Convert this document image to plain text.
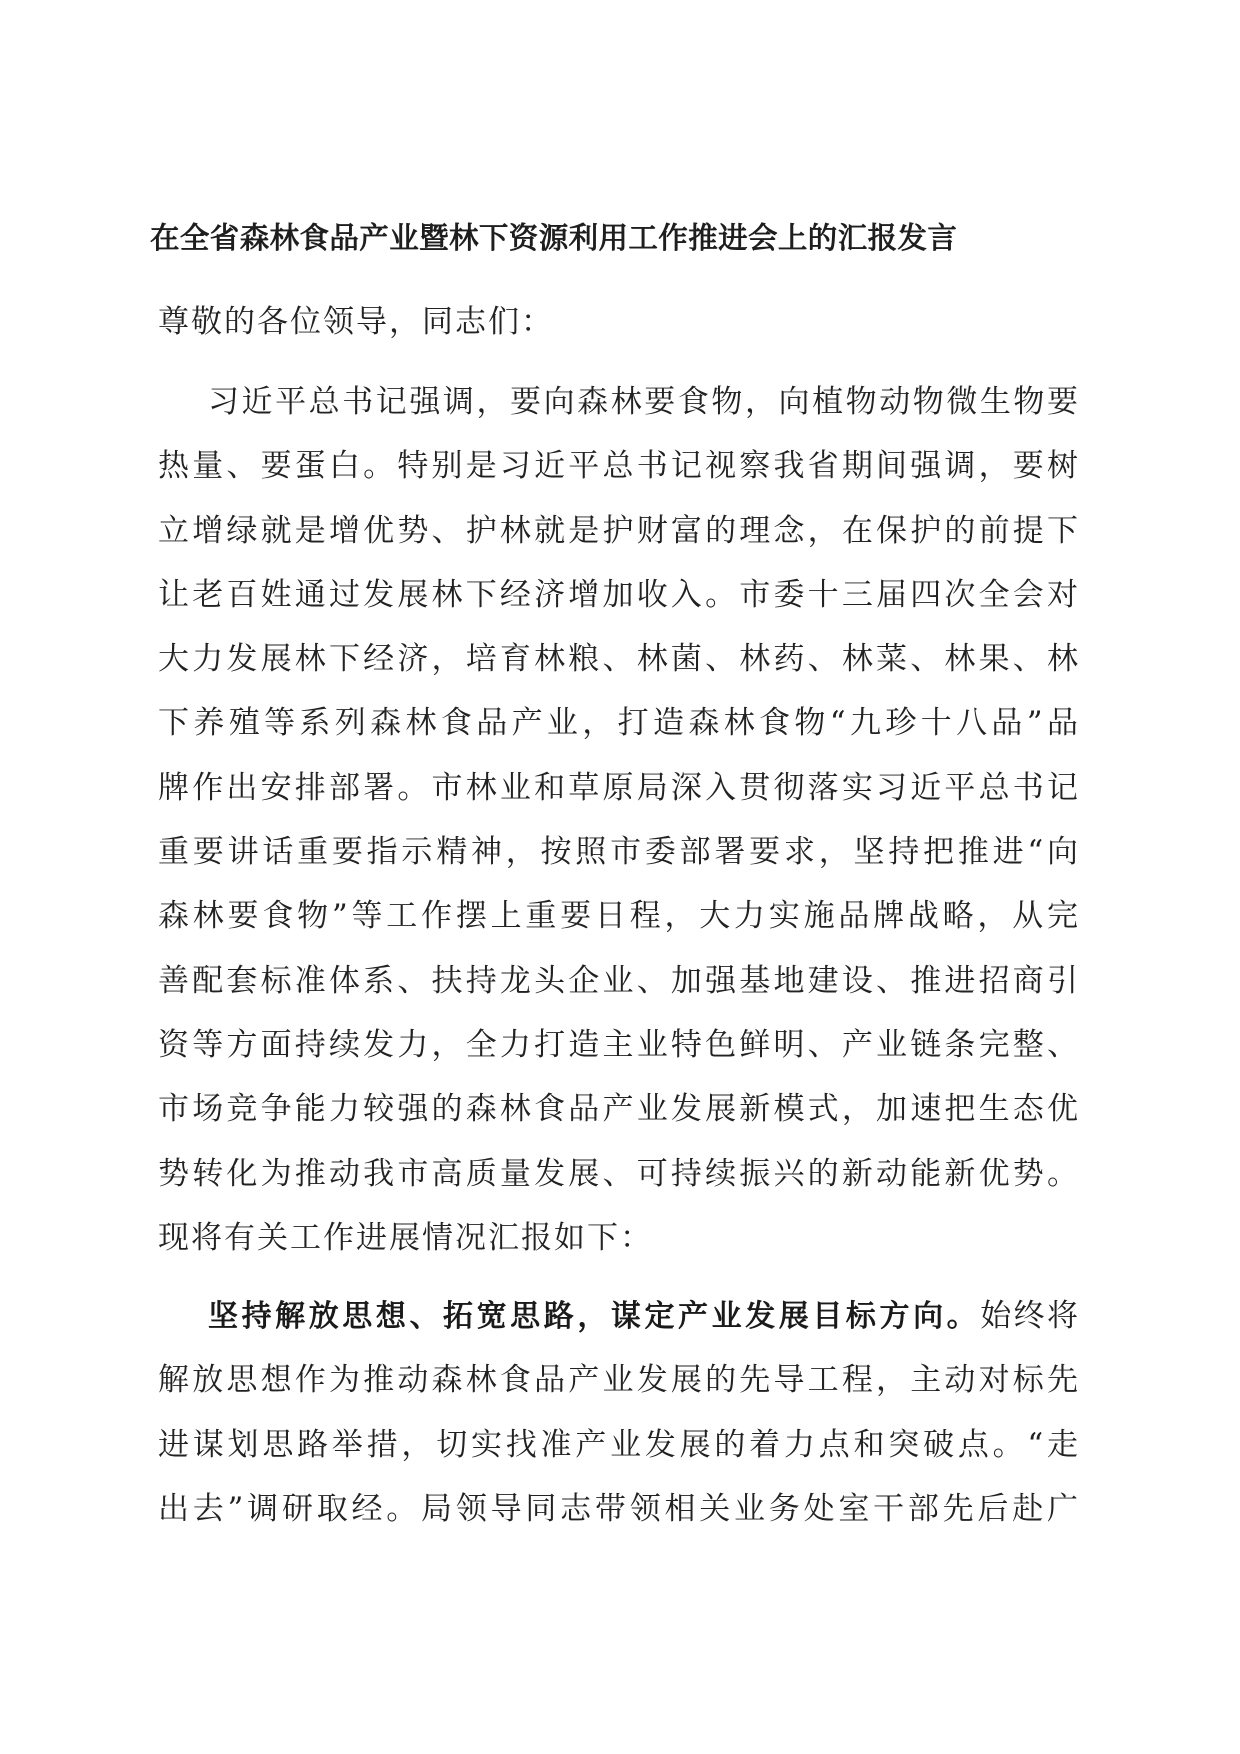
在全省森林食品产业暨林下资源利用工作推进会上的汇报发言
尊敬的各位领导，同志们：
习近平总书记强调，要向森林要食物，向植物动物微生物要
热量、要蛋白。特别是习近平总书记视察我省期间强调，要树
立增绿就是增优势、护林就是护财富的理念，在保护的前提下
让老百姓通过发展林下经济增加收入。市委十三届四次全会对
大力发展林下经济，培育林粮、林菌、林药、林菜、林果、林
下养殖等系列森林食品产业，打造森林食物“九珍十八品”品
牌作出安排部署。市林业和草原局深入贯彻落实习近平总书记
重要讲话重要指示精神，按照市委部署要求，坚持把推进“向
森林要食物”等工作摆上重要日程，大力实施品牌战略，从完
善配套标准体系、扶持龙头企业、加强基地建设、推进招商引
资等方面持续发力，全力打造主业特色鲜明、产业链条完整、
市场竞争能力较强的森林食品产业发展新模式，加速把生态优
势转化为推动我市高质量发展、可持续振兴的新动能新优势。
现将有关工作进展情况汇报如下：
坚持解放思想、拓宽思路，谋定产业发展目标方向。始终将
解放思想作为推动森林食品产业发展的先导工程，主动对标先
进谋划思路举措，切实找准产业发展的着力点和突破点。“走
出去”调研取经。局领导同志带领相关业务处室干部先后赴广
